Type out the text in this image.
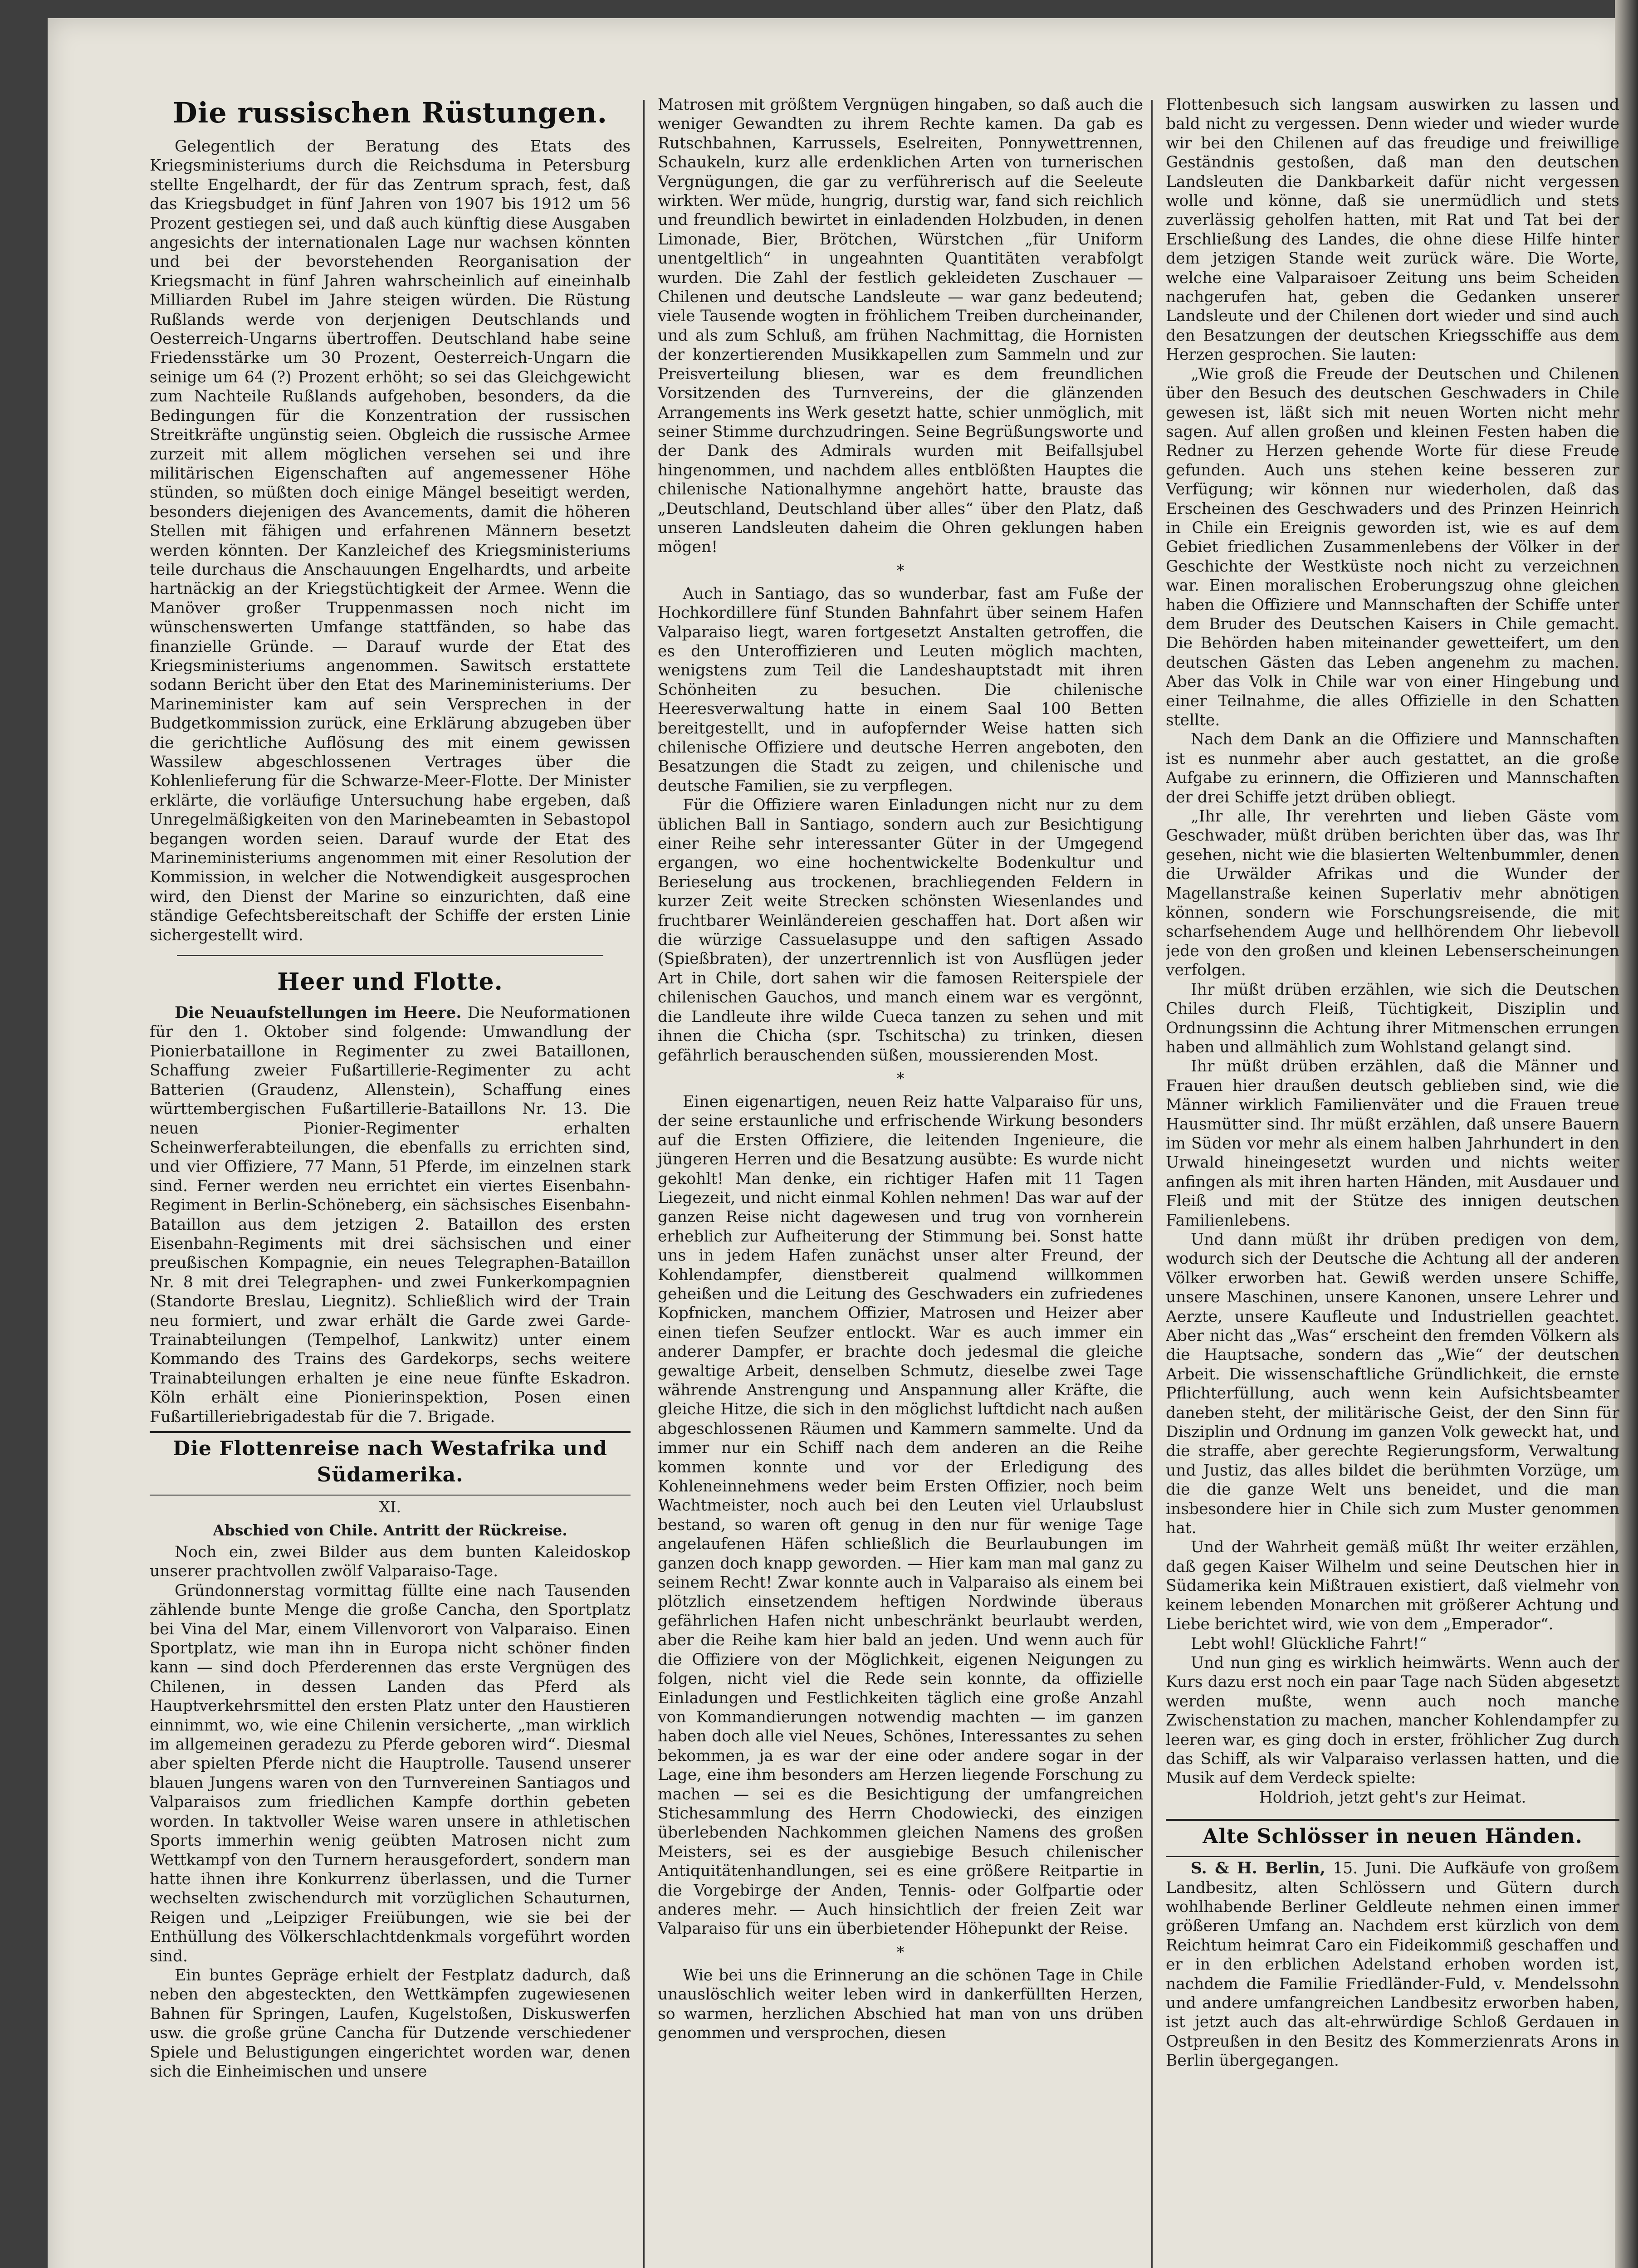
Die russischen Rüstungen.

Gelegentlich der Beratung des Etats des Kriegsministeriums durch die Reichsduma in Petersburg stellte Engelhardt, der für das Zentrum sprach, fest, daß das Kriegsbudget in fünf Jahren von 1907 bis 1912 um 56 Prozent gestiegen sei, und daß auch künftig diese Ausgaben angesichts der internationalen Lage nur wachsen könnten und bei der bevorstehenden Reorganisation der Kriegsmacht in fünf Jahren wahrscheinlich auf eineinhalb Milliarden Rubel im Jahre steigen würden. Die Rüstung Rußlands werde von derjenigen Deutschlands und Oesterreich-Ungarns übertroffen. Deutschland habe seine Friedensstärke um 30 Prozent, Oesterreich-Ungarn die seinige um 64 (?) Prozent erhöht; so sei das Gleichgewicht zum Nachteile Rußlands aufgehoben, besonders, da die Bedingungen für die Konzentration der russischen Streitkräfte ungünstig seien. Obgleich die russische Armee zurzeit mit allem möglichen versehen sei und ihre militärischen Eigenschaften auf angemessener Höhe stünden, so müßten doch einige Mängel beseitigt werden, besonders diejenigen des Avancements, damit die höheren Stellen mit fähigen und erfahrenen Männern besetzt werden könnten. Der Kanzleichef des Kriegsministeriums teile durchaus die Anschauungen Engelhardts, und arbeite hartnäckig an der Kriegstüchtigkeit der Armee. Wenn die Manöver großer Truppenmassen noch nicht im wünschenswerten Umfange stattfänden, so habe das finanzielle Gründe. — Darauf wurde der Etat des Kriegsministeriums angenommen. Sawitsch erstattete sodann Bericht über den Etat des Marineministeriums. Der Marineminister kam auf sein Versprechen in der Budgetkommission zurück, eine Erklärung abzugeben über die gerichtliche Auflösung des mit einem gewissen Wassilew abgeschlossenen Vertrages über die Kohlenlieferung für die Schwarze-Meer-Flotte. Der Minister erklärte, die vorläufige Untersuchung habe ergeben, daß Unregelmäßigkeiten von den Marinebeamten in Sebastopol begangen worden seien. Darauf wurde der Etat des Marineministeriums angenommen mit einer Resolution der Kommission, in welcher die Notwendigkeit ausgesprochen wird, den Dienst der Marine so einzurichten, daß eine ständige Gefechtsbereitschaft der Schiffe der ersten Linie sichergestellt wird.

Heer und Flotte.

Die Neuaufstellungen im Heere. Die Neuformationen für den 1. Oktober sind folgende: Umwandlung der Pionierbataillone in Regimenter zu zwei Bataillonen, Schaffung zweier Fußartillerie-Regimenter zu acht Batterien (Graudenz, Allenstein), Schaffung eines württembergischen Fußartillerie-Bataillons Nr. 13. Die neuen Pionier-Regimenter erhalten Scheinwerferabteilungen, die ebenfalls zu errichten sind, und vier Offiziere, 77 Mann, 51 Pferde, im einzelnen stark sind. Ferner werden neu errichtet ein viertes Eisenbahn-Regiment in Berlin-Schöneberg, ein sächsisches Eisenbahn-Bataillon aus dem jetzigen 2. Bataillon des ersten Eisenbahn-Regiments mit drei sächsischen und einer preußischen Kompagnie, ein neues Telegraphen-Bataillon Nr. 8 mit drei Telegraphen- und zwei Funkerkompagnien (Standorte Breslau, Liegnitz). Schließlich wird der Train neu formiert, und zwar erhält die Garde zwei Garde-Trainabteilungen (Tempelhof, Lankwitz) unter einem Kommando des Trains des Gardekorps, sechs weitere Trainabteilungen erhalten je eine neue fünfte Eskadron. Köln erhält eine Pionierinspektion, Posen einen Fußartilleriebrigadestab für die 7. Brigade.

Die Flottenreise nach Westafrika und Südamerika.
XI.
Abschied von Chile. Antritt der Rückreise.

Noch ein, zwei Bilder aus dem bunten Kaleidoskop unserer prachtvollen zwölf Valparaiso-Tage.

Gründonnerstag vormittag füllte eine nach Tausenden zählende bunte Menge die große Cancha, den Sportplatz bei Vina del Mar, einem Villenvorort von Valparaiso. Einen Sportplatz, wie man ihn in Europa nicht schöner finden kann — sind doch Pferderennen das erste Vergnügen des Chilenen, in dessen Landen das Pferd als Hauptverkehrsmittel den ersten Platz unter den Haustieren einnimmt, wo, wie eine Chilenin versicherte, „man wirklich im allgemeinen geradezu zu Pferde geboren wird“. Diesmal aber spielten Pferde nicht die Hauptrolle. Tausend unserer blauen Jungens waren von den Turnvereinen Santiagos und Valparaisos zum friedlichen Kampfe dorthin gebeten worden. In taktvoller Weise waren unsere in athletischen Sports immerhin wenig geübten Matrosen nicht zum Wettkampf von den Turnern herausgefordert, sondern man hatte ihnen ihre Konkurrenz überlassen, und die Turner wechselten zwischendurch mit vorzüglichen Schauturnen, Reigen und „Leipziger Freiübungen, wie sie bei der Enthüllung des Völkerschlachtdenkmals vorgeführt worden sind.

Ein buntes Gepräge erhielt der Festplatz dadurch, daß neben den abgesteckten, den Wettkämpfen zugewiesenen Bahnen für Springen, Laufen, Kugelstoßen, Diskuswerfen usw. die große grüne Cancha für Dutzende verschiedener Spiele und Belustigungen eingerichtet worden war, denen sich die Einheimischen und unsere

Matrosen mit größtem Vergnügen hingaben, so daß auch die weniger Gewandten zu ihrem Rechte kamen. Da gab es Rutschbahnen, Karrussels, Eselreiten, Ponnywettrennen, Schaukeln, kurz alle erdenklichen Arten von turnerischen Vergnügungen, die gar zu verführerisch auf die Seeleute wirkten. Wer müde, hungrig, durstig war, fand sich reichlich und freundlich bewirtet in einladenden Holzbuden, in denen Limonade, Bier, Brötchen, Würstchen „für Uniform unentgeltlich“ in ungeahnten Quantitäten verabfolgt wurden. Die Zahl der festlich gekleideten Zuschauer — Chilenen und deutsche Landsleute — war ganz bedeutend; viele Tausende wogten in fröhlichem Treiben durcheinander, und als zum Schluß, am frühen Nachmittag, die Hornisten der konzertierenden Musikkapellen zum Sammeln und zur Preisverteilung bliesen, war es dem freundlichen Vorsitzenden des Turnvereins, der die glänzenden Arrangements ins Werk gesetzt hatte, schier unmöglich, mit seiner Stimme durchzudringen. Seine Begrüßungsworte und der Dank des Admirals wurden mit Beifallsjubel hingenommen, und nachdem alles entblößten Hauptes die chilenische Nationalhymne angehört hatte, brauste das „Deutschland, Deutschland über alles“ über den Platz, daß unseren Landsleuten daheim die Ohren geklungen haben mögen!

*

Auch in Santiago, das so wunderbar, fast am Fuße der Hochkordillere fünf Stunden Bahnfahrt über seinem Hafen Valparaiso liegt, waren fortgesetzt Anstalten getroffen, die es den Unteroffizieren und Leuten möglich machten, wenigstens zum Teil die Landeshauptstadt mit ihren Schönheiten zu besuchen. Die chilenische Heeresverwaltung hatte in einem Saal 100 Betten bereitgestellt, und in aufopfernder Weise hatten sich chilenische Offiziere und deutsche Herren angeboten, den Besatzungen die Stadt zu zeigen, und chilenische und deutsche Familien, sie zu verpflegen.

Für die Offiziere waren Einladungen nicht nur zu dem üblichen Ball in Santiago, sondern auch zur Besichtigung einer Reihe sehr interessanter Güter in der Umgegend ergangen, wo eine hochentwickelte Bodenkultur und Berieselung aus trockenen, brachliegenden Feldern in kurzer Zeit weite Strecken schönsten Wiesenlandes und fruchtbarer Weinländereien geschaffen hat. Dort aßen wir die würzige Cassuelasuppe und den saftigen Assado (Spießbraten), der unzertrennlich ist von Ausflügen jeder Art in Chile, dort sahen wir die famosen Reiterspiele der chilenischen Gauchos, und manch einem war es vergönnt, die Landleute ihre wilde Cueca tanzen zu sehen und mit ihnen die Chicha (spr. Tschitscha) zu trinken, diesen gefährlich berauschenden süßen, moussierenden Most.

*

Einen eigenartigen, neuen Reiz hatte Valparaiso für uns, der seine erstaunliche und erfrischende Wirkung besonders auf die Ersten Offiziere, die leitenden Ingenieure, die jüngeren Herren und die Besatzung ausübte: Es wurde nicht gekohlt! Man denke, ein richtiger Hafen mit 11 Tagen Liegezeit, und nicht einmal Kohlen nehmen! Das war auf der ganzen Reise nicht dagewesen und trug von vornherein erheblich zur Aufheiterung der Stimmung bei. Sonst hatte uns in jedem Hafen zunächst unser alter Freund, der Kohlendampfer, dienstbereit qualmend willkommen geheißen und die Leitung des Geschwaders ein zufriedenes Kopfnicken, manchem Offizier, Matrosen und Heizer aber einen tiefen Seufzer entlockt. War es auch immer ein anderer Dampfer, er brachte doch jedesmal die gleiche gewaltige Arbeit, denselben Schmutz, dieselbe zwei Tage währende Anstrengung und Anspannung aller Kräfte, die gleiche Hitze, die sich in den möglichst luftdicht nach außen abgeschlossenen Räumen und Kammern sammelte. Und da immer nur ein Schiff nach dem anderen an die Reihe kommen konnte und vor der Erledigung des Kohleneinnehmens weder beim Ersten Offizier, noch beim Wachtmeister, noch auch bei den Leuten viel Urlaubslust bestand, so waren oft genug in den nur für wenige Tage angelaufenen Häfen schließlich die Beurlaubungen im ganzen doch knapp geworden. — Hier kam man mal ganz zu seinem Recht! Zwar konnte auch in Valparaiso als einem bei plötzlich einsetzendem heftigen Nordwinde überaus gefährlichen Hafen nicht unbeschränkt beurlaubt werden, aber die Reihe kam hier bald an jeden. Und wenn auch für die Offiziere von der Möglichkeit, eigenen Neigungen zu folgen, nicht viel die Rede sein konnte, da offizielle Einladungen und Festlichkeiten täglich eine große Anzahl von Kommandierungen notwendig machten — im ganzen haben doch alle viel Neues, Schönes, Interessantes zu sehen bekommen, ja es war der eine oder andere sogar in der Lage, eine ihm besonders am Herzen liegende Forschung zu machen — sei es die Besichtigung der umfangreichen Stichesammlung des Herrn Chodowiecki, des einzigen überlebenden Nachkommen gleichen Namens des großen Meisters, sei es der ausgiebige Besuch chilenischer Antiquitätenhandlungen, sei es eine größere Reitpartie in die Vorgebirge der Anden, Tennis- oder Golfpartie oder anderes mehr. — Auch hinsichtlich der freien Zeit war Valparaiso für uns ein überbietender Höhepunkt der Reise.

*

Wie bei uns die Erinnerung an die schönen Tage in Chile unauslöschlich weiter leben wird in dankerfüllten Herzen, so warmen, herzlichen Abschied hat man von uns drüben genommen und versprochen, diesen

Flottenbesuch sich langsam auswirken zu lassen und bald nicht zu vergessen. Denn wieder und wieder wurde wir bei den Chilenen auf das freudige und freiwillige Geständnis gestoßen, daß man den deutschen Landsleuten die Dankbarkeit dafür nicht vergessen wolle und könne, daß sie unermüdlich und stets zuverlässig geholfen hatten, mit Rat und Tat bei der Erschließung des Landes, die ohne diese Hilfe hinter dem jetzigen Stande weit zurück wäre. Die Worte, welche eine Valparaisoer Zeitung uns beim Scheiden nachgerufen hat, geben die Gedanken unserer Landsleute und der Chilenen dort wieder und sind auch den Besatzungen der deutschen Kriegsschiffe aus dem Herzen gesprochen. Sie lauten:

„Wie groß die Freude der Deutschen und Chilenen über den Besuch des deutschen Geschwaders in Chile gewesen ist, läßt sich mit neuen Worten nicht mehr sagen. Auf allen großen und kleinen Festen haben die Redner zu Herzen gehende Worte für diese Freude gefunden. Auch uns stehen keine besseren zur Verfügung; wir können nur wiederholen, daß das Erscheinen des Geschwaders und des Prinzen Heinrich in Chile ein Ereignis geworden ist, wie es auf dem Gebiet friedlichen Zusammenlebens der Völker in der Geschichte der Westküste noch nicht zu verzeichnen war. Einen moralischen Eroberungszug ohne gleichen haben die Offiziere und Mannschaften der Schiffe unter dem Bruder des Deutschen Kaisers in Chile gemacht. Die Behörden haben miteinander gewetteifert, um den deutschen Gästen das Leben angenehm zu machen. Aber das Volk in Chile war von einer Hingebung und einer Teilnahme, die alles Offizielle in den Schatten stellte.

Nach dem Dank an die Offiziere und Mannschaften ist es nunmehr aber auch gestattet, an die große Aufgabe zu erinnern, die Offizieren und Mannschaften der drei Schiffe jetzt drüben obliegt.

„Ihr alle, Ihr verehrten und lieben Gäste vom Geschwader, müßt drüben berichten über das, was Ihr gesehen, nicht wie die blasierten Weltenbummler, denen die Urwälder Afrikas und die Wunder der Magellanstraße keinen Superlativ mehr abnötigen können, sondern wie Forschungsreisende, die mit scharfsehendem Auge und hellhörendem Ohr liebevoll jede von den großen und kleinen Lebenserscheinungen verfolgen.

Ihr müßt drüben erzählen, wie sich die Deutschen Chiles durch Fleiß, Tüchtigkeit, Disziplin und Ordnungssinn die Achtung ihrer Mitmenschen errungen haben und allmählich zum Wohlstand gelangt sind.

Ihr müßt drüben erzählen, daß die Männer und Frauen hier draußen deutsch geblieben sind, wie die Männer wirklich Familienväter und die Frauen treue Hausmütter sind. Ihr müßt erzählen, daß unsere Bauern im Süden vor mehr als einem halben Jahrhundert in den Urwald hineingesetzt wurden und nichts weiter anfingen als mit ihren harten Händen, mit Ausdauer und Fleiß und mit der Stütze des innigen deutschen Familienlebens.

Und dann müßt ihr drüben predigen von dem, wodurch sich der Deutsche die Achtung all der anderen Völker erworben hat. Gewiß werden unsere Schiffe, unsere Maschinen, unsere Kanonen, unsere Lehrer und Aerzte, unsere Kaufleute und Industriellen geachtet. Aber nicht das „Was“ erscheint den fremden Völkern als die Hauptsache, sondern das „Wie“ der deutschen Arbeit. Die wissenschaftliche Gründlichkeit, die ernste Pflichterfüllung, auch wenn kein Aufsichtsbeamter daneben steht, der militärische Geist, der den Sinn für Disziplin und Ordnung im ganzen Volk geweckt hat, und die straffe, aber gerechte Regierungsform, Verwaltung und Justiz, das alles bildet die berühmten Vorzüge, um die die ganze Welt uns beneidet, und die man insbesondere hier in Chile sich zum Muster genommen hat.

Und der Wahrheit gemäß müßt Ihr weiter erzählen, daß gegen Kaiser Wilhelm und seine Deutschen hier in Südamerika kein Mißtrauen existiert, daß vielmehr von keinem lebenden Monarchen mit größerer Achtung und Liebe berichtet wird, wie von dem „Emperador“.

Lebt wohl! Glückliche Fahrt!“

Und nun ging es wirklich heimwärts. Wenn auch der Kurs dazu erst noch ein paar Tage nach Süden abgesetzt werden mußte, wenn auch noch manche Zwischenstation zu machen, mancher Kohlendampfer zu leeren war, es ging doch in erster, fröhlicher Zug durch das Schiff, als wir Valparaiso verlassen hatten, und die Musik auf dem Verdeck spielte:

Holdrioh, jetzt geht's zur Heimat.

Alte Schlösser in neuen Händen.

S. & H. Berlin, 15. Juni. Die Aufkäufe von großem Landbesitz, alten Schlössern und Gütern durch wohlhabende Berliner Geldleute nehmen einen immer größeren Umfang an. Nachdem erst kürzlich von dem Reichtum heimrat Caro ein Fideikommiß geschaffen und er in den erblichen Adelstand erhoben worden ist, nachdem die Familie Friedländer-Fuld, v. Mendelssohn und andere umfangreichen Landbesitz erworben haben, ist jetzt auch das alt-ehrwürdige Schloß Gerdauen in Ostpreußen in den Besitz des Kommerzienrats Arons in Berlin übergegangen.
